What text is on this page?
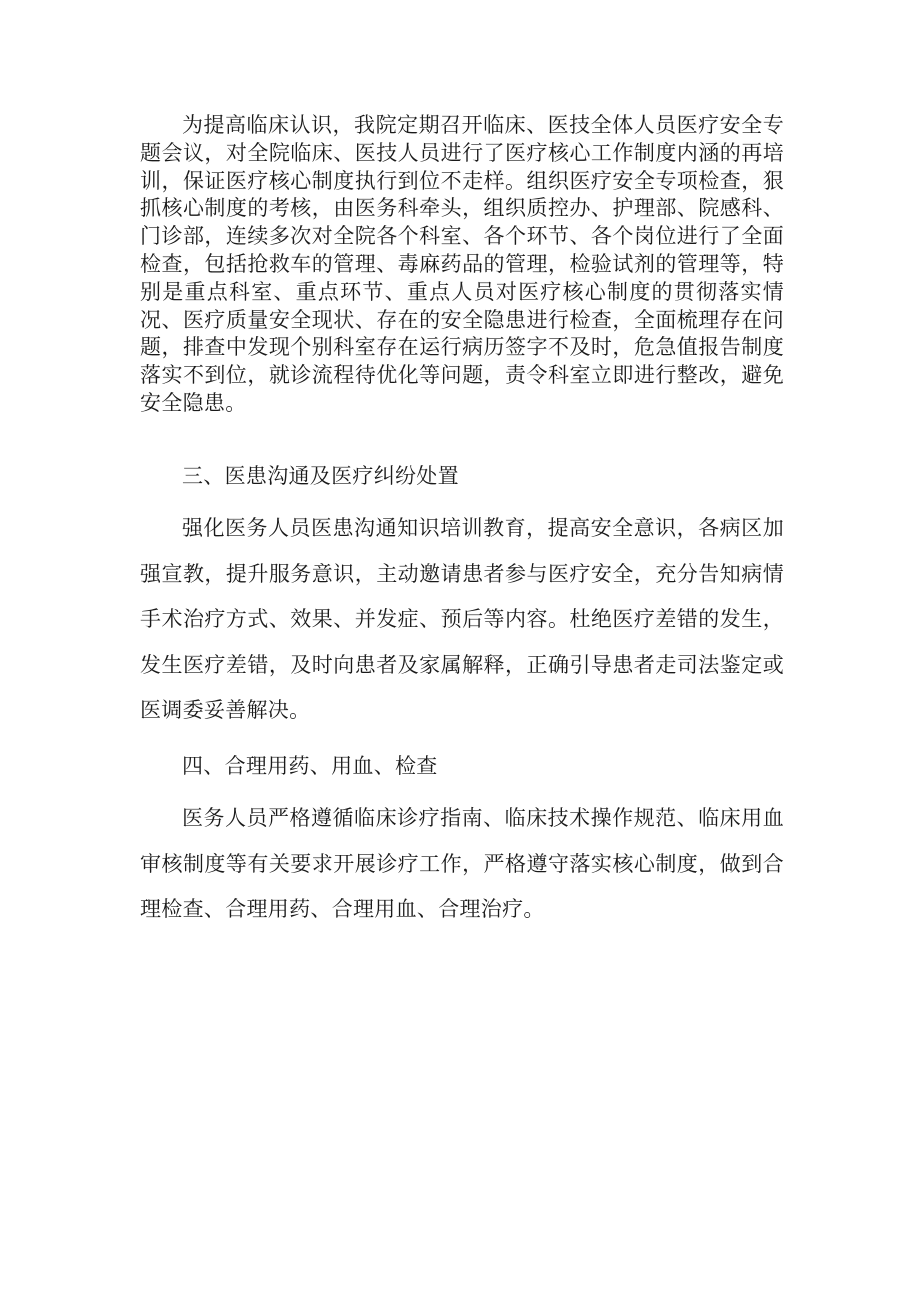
为提高临床认识，我院定期召开临床、医技全体人员医疗安全专题会议，对全院临床、医技人员进行了医疗核心工作制度内涵的再培训，保证医疗核心制度执行到位不走样。组织医疗安全专项检查，狠抓核心制度的考核，由医务科牵头，组织质控办、护理部、院感科、门诊部，连续多次对全院各个科室、各个环节、各个岗位进行了全面检查，包括抢救车的管理、毒麻药品的管理，检验试剂的管理等，特别是重点科室、重点环节、重点人员对医疗核心制度的贯彻落实情况、医疗质量安全现状、存在的安全隐患进行检查，全面梳理存在问题，排查中发现个别科室存在运行病历签字不及时，危急值报告制度落实不到位，就诊流程待优化等问题，责令科室立即进行整改，避免安全隐患。

三、医患沟通及医疗纠纷处置

强化医务人员医患沟通知识培训教育，提高安全意识，各病区加强宣教，提升服务意识，主动邀请患者参与医疗安全，充分告知病情手术治疗方式、效果、并发症、预后等内容。杜绝医疗差错的发生，发生医疗差错，及时向患者及家属解释，正确引导患者走司法鉴定或医调委妥善解决。

四、合理用药、用血、检查

医务人员严格遵循临床诊疗指南、临床技术操作规范、临床用血审核制度等有关要求开展诊疗工作，严格遵守落实核心制度，做到合理检查、合理用药、合理用血、合理治疗。
